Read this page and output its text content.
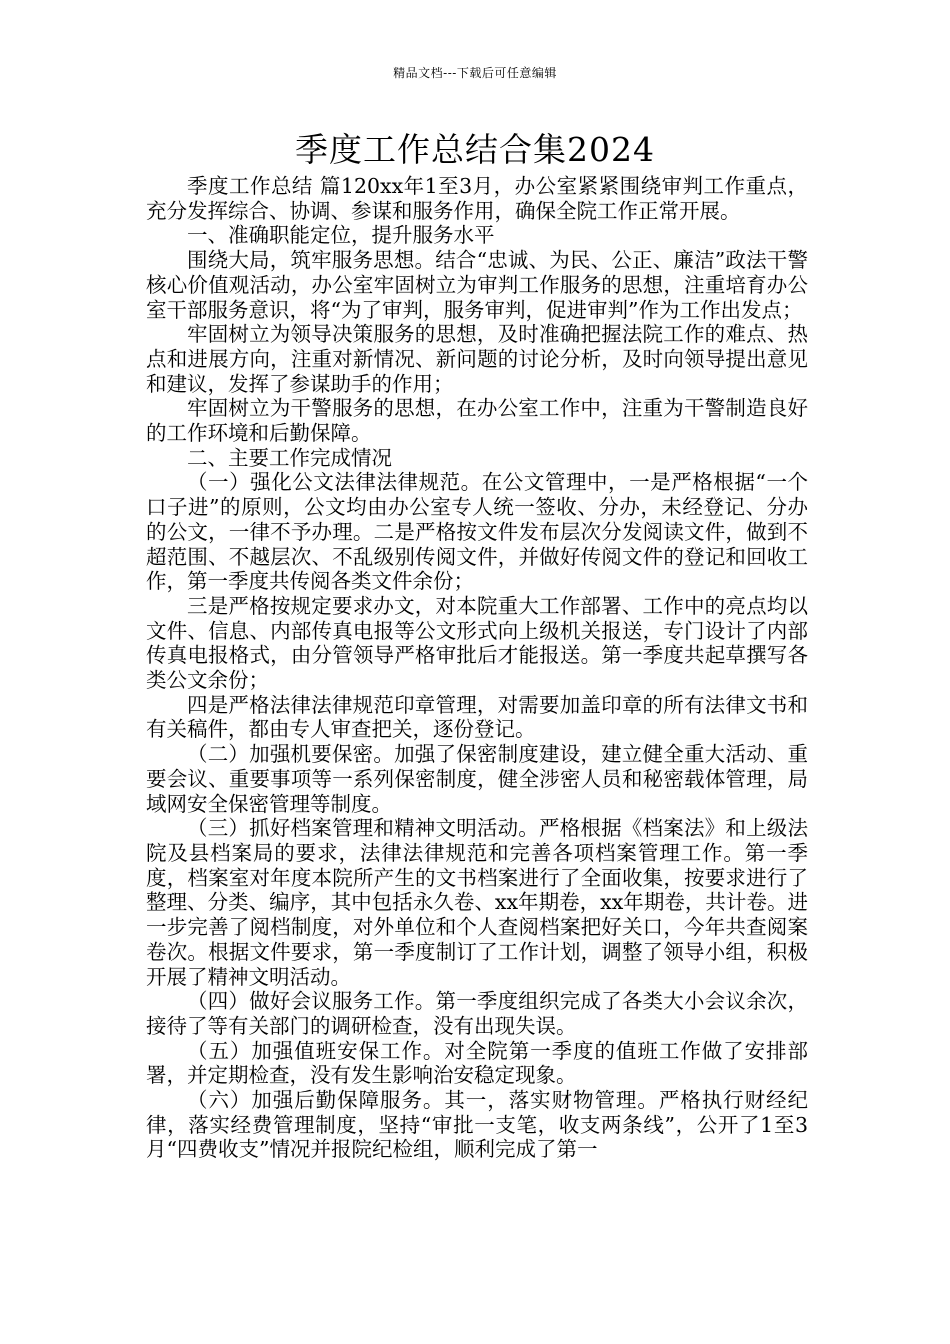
精品文档---下载后可任意编辑
季度工作总结合集2024

季度工作总结 篇120xx年1至3月，办公室紧紧围绕审判工作重点，充分发挥综合、协调、参谋和服务作用，确保全院工作正常开展。

一、准确职能定位，提升服务水平

围绕大局，筑牢服务思想。结合“忠诚、为民、公正、廉洁”政法干警核心价值观活动，办公室牢固树立为审判工作服务的思想，注重培育办公室干部服务意识，将“为了审判，服务审判，促进审判”作为工作出发点；

牢固树立为领导决策服务的思想，及时准确把握法院工作的难点、热点和进展方向，注重对新情况、新问题的讨论分析，及时向领导提出意见和建议，发挥了参谋助手的作用；

牢固树立为干警服务的思想，在办公室工作中，注重为干警制造良好的工作环境和后勤保障。

二、主要工作完成情况

（一）强化公文法律法律规范。在公文管理中，一是严格根据“一个口子进”的原则，公文均由办公室专人统一签收、分办，未经登记、分办的公文，一律不予办理。二是严格按文件发布层次分发阅读文件，做到不超范围、不越层次、不乱级别传阅文件，并做好传阅文件的登记和回收工作，第一季度共传阅各类文件余份；

三是严格按规定要求办文，对本院重大工作部署、工作中的亮点均以文件、信息、内部传真电报等公文形式向上级机关报送，专门设计了内部传真电报格式，由分管领导严格审批后才能报送。第一季度共起草撰写各类公文余份；

四是严格法律法律规范印章管理，对需要加盖印章的所有法律文书和有关稿件，都由专人审查把关，逐份登记。

（二）加强机要保密。加强了保密制度建设，建立健全重大活动、重要会议、重要事项等一系列保密制度，健全涉密人员和秘密载体管理，局域网安全保密管理等制度。

（三）抓好档案管理和精神文明活动。严格根据《档案法》和上级法院及县档案局的要求，法律法律规范和完善各项档案管理工作。第一季度，档案室对年度本院所产生的文书档案进行了全面收集，按要求进行了整理、分类、编序，其中包括永久卷、xx年期卷，xx年期卷，共计卷。进一步完善了阅档制度，对外单位和个人查阅档案把好关口，今年共查阅案卷次。根据文件要求，第一季度制订了工作计划，调整了领导小组，积极开展了精神文明活动。

（四）做好会议服务工作。第一季度组织完成了各类大小会议余次，接待了等有关部门的调研检查，没有出现失误。

（五）加强值班安保工作。对全院第一季度的值班工作做了安排部署，并定期检查，没有发生影响治安稳定现象。

（六）加强后勤保障服务。其一，落实财物管理。严格执行财经纪律，落实经费管理制度，坚持“审批一支笔，收支两条线”，公开了1至3月“四费收支”情况并报院纪检组，顺利完成了第一
